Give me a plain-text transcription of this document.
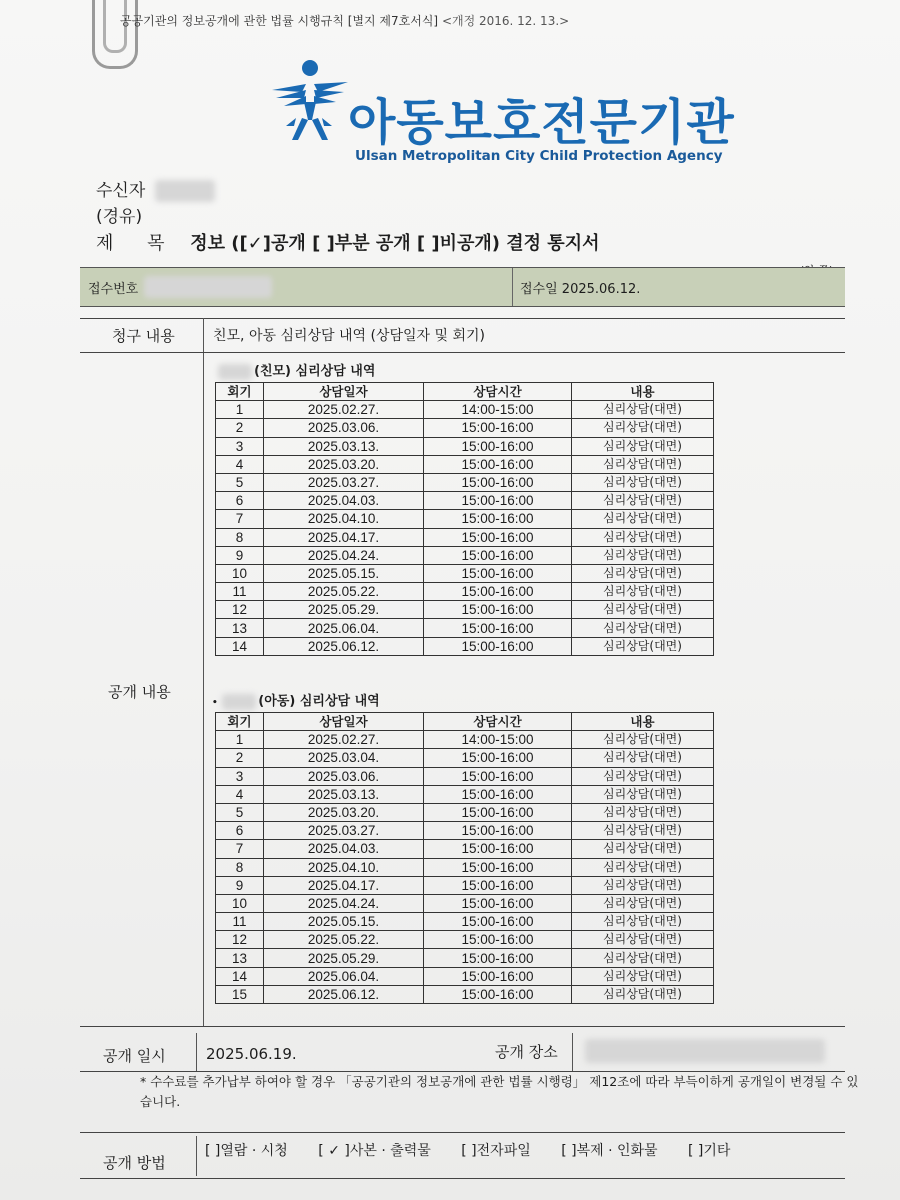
공공기관의 정보공개에 관한 법률 시행규칙 [별지 제7호서식] <개정 2016. 12. 13.>
아동보호전문기관
Ulsan Metropolitan City Child Protection Agency
수신자
(경유)
제 목 정보 ([✓]공개 [ ]부분 공개 [ ]비공개) 결정 통지서
접수번호	접수일 2025.06.12.
청구 내용	친모, 아동 심리상담 내역 (상담일자 및 회기)
공개 내용
(친모) 심리상담 내역
회기	상담일자	상담시간	내용
1	2025.02.27.	14:00-15:00	심리상담(대면)
2	2025.03.06.	15:00-16:00	심리상담(대면)
3	2025.03.13.	15:00-16:00	심리상담(대면)
4	2025.03.20.	15:00-16:00	심리상담(대면)
5	2025.03.27.	15:00-16:00	심리상담(대면)
6	2025.04.03.	15:00-16:00	심리상담(대면)
7	2025.04.10.	15:00-16:00	심리상담(대면)
8	2025.04.17.	15:00-16:00	심리상담(대면)
9	2025.04.24.	15:00-16:00	심리상담(대면)
10	2025.05.15.	15:00-16:00	심리상담(대면)
11	2025.05.22.	15:00-16:00	심리상담(대면)
12	2025.05.29.	15:00-16:00	심리상담(대면)
13	2025.06.04.	15:00-16:00	심리상담(대면)
14	2025.06.12.	15:00-16:00	심리상담(대면)
•	(아동) 심리상담 내역
회기	상담일자	상담시간	내용
1	2025.02.27.	14:00-15:00	심리상담(대면)
2	2025.03.04.	15:00-16:00	심리상담(대면)
3	2025.03.06.	15:00-16:00	심리상담(대면)
4	2025.03.13.	15:00-16:00	심리상담(대면)
5	2025.03.20.	15:00-16:00	심리상담(대면)
6	2025.03.27.	15:00-16:00	심리상담(대면)
7	2025.04.03.	15:00-16:00	심리상담(대면)
8	2025.04.10.	15:00-16:00	심리상담(대면)
9	2025.04.17.	15:00-16:00	심리상담(대면)
10	2025.04.24.	15:00-16:00	심리상담(대면)
11	2025.05.15.	15:00-16:00	심리상담(대면)
12	2025.05.22.	15:00-16:00	심리상담(대면)
13	2025.05.29.	15:00-16:00	심리상담(대면)
14	2025.06.04.	15:00-16:00	심리상담(대면)
15	2025.06.12.	15:00-16:00	심리상담(대면)
공개 일시	2025.06.19.	공개 장소
* 수수료를 추가납부 하여야 할 경우 「공공기관의 정보공개에 관한 법률 시행령」 제12조에 따라 부득이하게 공개일이 변경될 수 있습니다.
공개 방법
[ ]열람 · 시청 [ ✓ ]사본 · 출력물 [ ]전자파일 [ ]복제 · 인화물 [ ]기타
